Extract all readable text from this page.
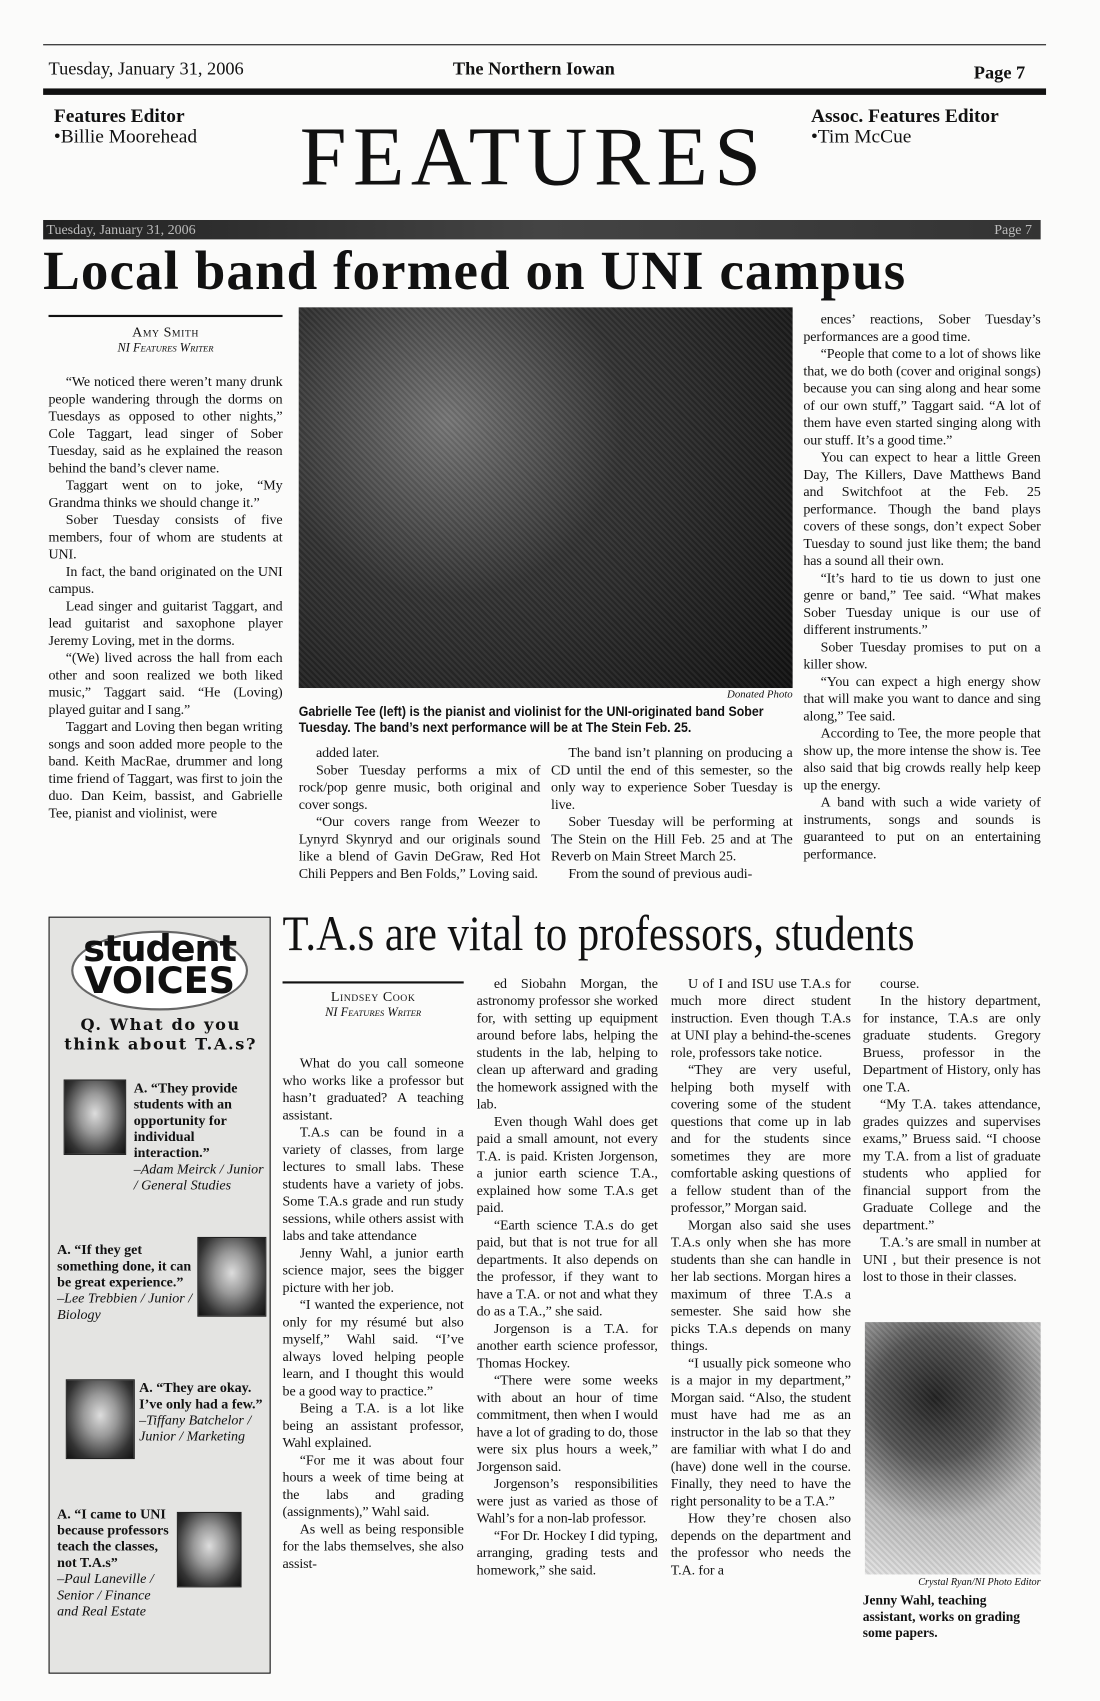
Tuesday, January 31, 2006	The Northern Iowan	Page 7
Features Editor
•Billie Moorehead FEATURES Assoc. Features Editor
•Tim McCue
Tuesday, January 31, 2006	Page 7
Local band formed on UNI campus
Amy Smith
NI Features Writer

“We noticed there weren’t many drunk people wandering through the dorms on Tuesdays as opposed to other nights,” Cole Taggart, lead singer of Sober Tuesday, said as he explained the reason behind the band’s clever name.

Taggart went on to joke, “My Grandma thinks we should change it.”

Sober Tuesday consists of five members, four of whom are students at UNI.

In fact, the band originated on the UNI campus.

Lead singer and guitarist Taggart, and lead guitarist and saxophone player Jeremy Loving, met in the dorms.

“(We) lived across the hall from each other and soon realized we both liked music,” Taggart said. “He (Loving) played guitar and I sang.”

Taggart and Loving then began writing songs and soon added more people to the band. Keith MacRae, drummer and long time friend of Taggart, was first to join the duo. Dan Keim, bassist, and Gabrielle Tee, pianist and violinist, were

Donated Photo
Gabrielle Tee (left) is the pianist and violinist for the UNI-originated band Sober Tuesday. The band’s next performance will be at The Stein Feb. 25.

added later.

Sober Tuesday performs a mix of rock/pop genre music, both original and cover songs.

“Our covers range from Weezer to Lynyrd Skynryd and our originals sound like a blend of Gavin DeGraw, Red Hot Chili Peppers and Ben Folds,” Loving said.

The band isn’t planning on producing a CD until the end of this semester, so the only way to experience Sober Tuesday is live.

Sober Tuesday will be performing at The Stein on the Hill Feb. 25 and at The Reverb on Main Street March 25.

From the sound of previous audi-

ences’ reactions, Sober Tuesday’s performances are a good time.

“People that come to a lot of shows like that, we do both (cover and original songs) because you can sing along and hear some of our own stuff,” Taggart said. “A lot of them have even started singing along with our stuff. It’s a good time.”

You can expect to hear a little Green Day, The Killers, Dave Matthews Band and Switchfoot at the Feb. 25 performance. Though the band plays covers of these songs, don’t expect Sober Tuesday to sound just like them; the band has a sound all their own.

“It’s hard to tie us down to just one genre or band,” Tee said. “What makes Sober Tuesday unique is our use of different instruments.”

Sober Tuesday promises to put on a killer show.

“You can expect a high energy show that will make you want to dance and sing along,” Tee said.

According to Tee, the more people that show up, the more intense the show is. Tee also said that big crowds really help keep up the energy.

A band with such a wide variety of instruments, songs and sounds is guaranteed to put on an entertaining performance.

student
VOICES
Q. What do you think about T.A.s?
A. “They provide students with an opportunity for individual interaction.”
–Adam Meirck / Junior / General Studies
A. “If they get something done, it can be great experience.”
–Lee Trebbien / Junior / Biology
A. “They are okay. I’ve only had a few.”
–Tiffany Batchelor / Junior / Marketing
A. “I came to UNI because professors teach the classes, not T.A.s”
–Paul Laneville / Senior / Finance and Real Estate
T.A.s are vital to professors, students
Lindsey Cook
NI Features Writer

What do you call someone who works like a professor but hasn’t graduated? A teaching assistant.

T.A.s can be found in a variety of classes, from large lectures to small labs. These students have a variety of jobs. Some T.A.s grade and run study sessions, while others assist with labs and take attendance

Jenny Wahl, a junior earth science major, sees the bigger picture with her job.

“I wanted the experience, not only for my résumé but also myself,” Wahl said. “I’ve always loved helping people learn, and I thought this would be a good way to practice.”

Being a T.A. is a lot like being an assistant professor, Wahl explained.

“For me it was about four hours a week of time being at the labs and grading (assignments),” Wahl said.

As well as being responsible for the labs themselves, she also assist-

ed Siobahn Morgan, the astronomy professor she worked for, with setting up equipment around before labs, helping the students in the lab, helping to clean up afterward and grading the homework assigned with the lab.

Even though Wahl does get paid a small amount, not every T.A. is paid. Kristen Jorgenson, a junior earth science T.A., explained how some T.A.s get paid.

“Earth science T.A.s do get paid, but that is not true for all departments. It also depends on the professor, if they want to have a T.A. or not and what they do as a T.A.,” she said.

Jorgenson is a T.A. for another earth science professor, Thomas Hockey.

“There were some weeks with about an hour of time commitment, then when I would have a lot of grading to do, those were six plus hours a week,” Jorgenson said.

Jorgenson’s responsibilities were just as varied as those of Wahl’s for a non-lab professor.

“For Dr. Hockey I did typing, arranging, grading tests and homework,” she said.

U of I and ISU use T.A.s for much more direct student instruction. Even though T.A.s at UNI play a behind-the-scenes role, professors take notice.

“They are very useful, helping both myself with covering some of the student questions that come up in lab and for the students since sometimes they are more comfortable asking questions of a fellow student than of the professor,” Morgan said.

Morgan also said she uses T.A.s only when she has more students than she can handle in her lab sections. Morgan hires a maximum of three T.A.s a semester. She said how she picks T.A.s depends on many things.

“I usually pick someone who is a major in my department,” Morgan said. “Also, the student must have had me as an instructor in the lab so that they are familiar with what I do and (have) done well in the course. Finally, they need to have the right personality to be a T.A.”

How they’re chosen also depends on the department and the professor who needs the T.A. for a

course.

In the history department, for instance, T.A.s are only graduate students. Gregory Bruess, professor in the Department of History, only has one T.A.

“My T.A. takes attendance, grades quizzes and supervises exams,” Bruess said. “I choose my T.A. from a list of graduate students who applied for financial support from the Graduate College and the department.”

T.A.’s are small in number at UNI , but their presence is not lost to those in their classes.

Crystal Ryan/NI Photo Editor
Jenny Wahl, teaching assistant, works on grading some papers.
